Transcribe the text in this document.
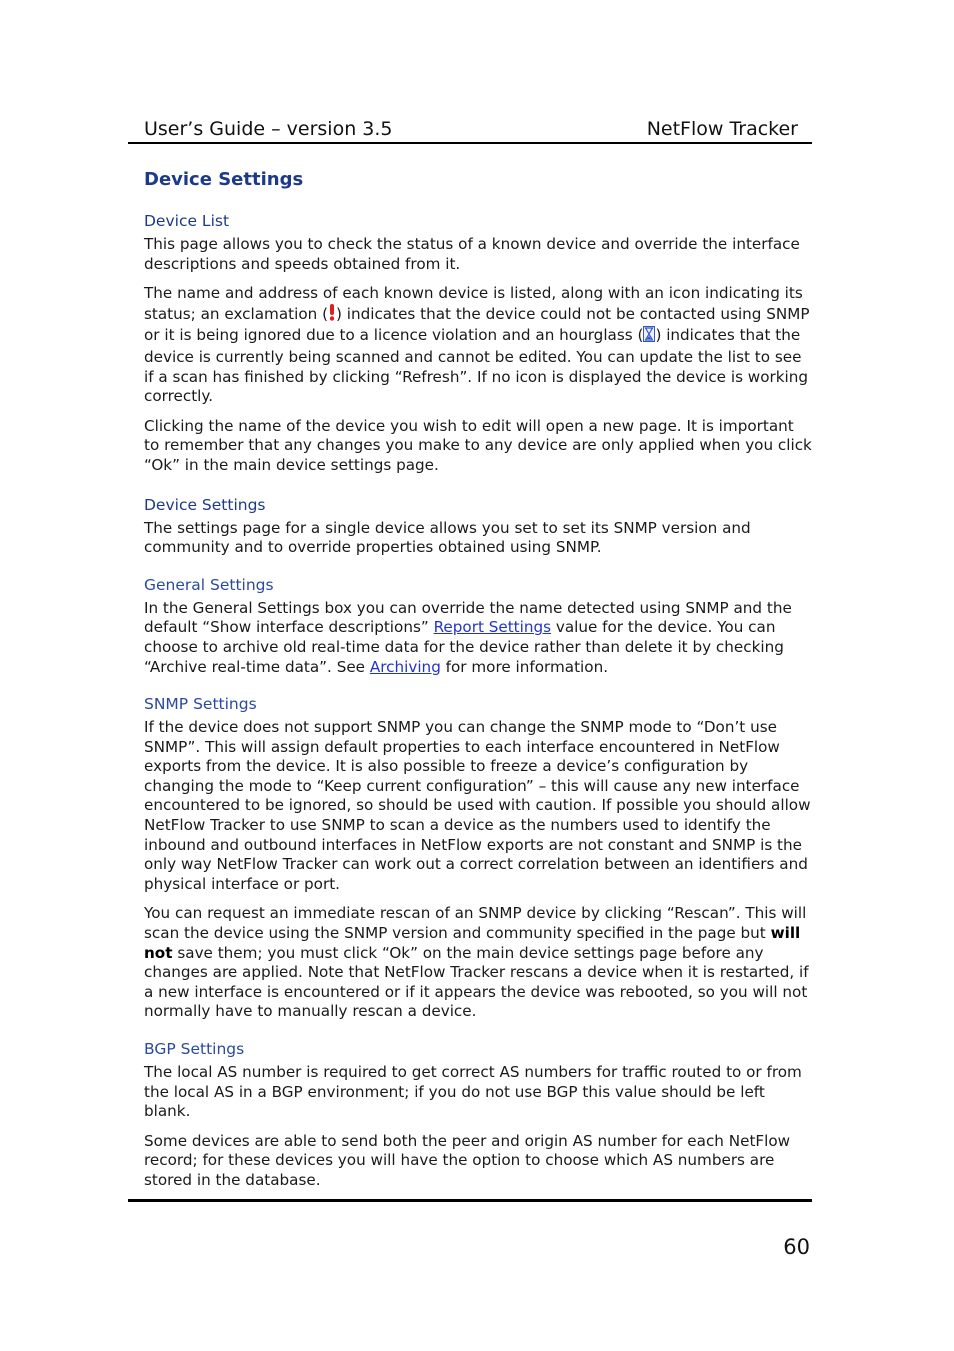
User’s Guide – version 3.5	NetFlow Tracker
Device Settings
Device List

This page allows you to check the status of a known device and override the interface descriptions and speeds obtained from it.

The name and address of each known device is listed, along with an icon indicating its status; an exclamation ( ) indicates that the device could not be contacted using SNMP or it is being ignored due to a licence violation and an hourglass ( ) indicates that the device is currently being scanned and cannot be edited. You can update the list to see if a scan has finished by clicking “Refresh”. If no icon is displayed the device is working correctly.

Clicking the name of the device you wish to edit will open a new page. It is important to remember that any changes you make to any device are only applied when you click “Ok” in the main device settings page.

Device Settings

The settings page for a single device allows you set to set its SNMP version and community and to override properties obtained using SNMP.

General Settings

In the General Settings box you can override the name detected using SNMP and the default “Show interface descriptions” Report Settings value for the device. You can choose to archive old real-time data for the device rather than delete it by checking “Archive real-time data”. See Archiving for more information.

SNMP Settings

If the device does not support SNMP you can change the SNMP mode to “Don’t use SNMP”. This will assign default properties to each interface encountered in NetFlow exports from the device. It is also possible to freeze a device’s configuration by changing the mode to “Keep current configuration” – this will cause any new interface encountered to be ignored, so should be used with caution. If possible you should allow NetFlow Tracker to use SNMP to scan a device as the numbers used to identify the inbound and outbound interfaces in NetFlow exports are not constant and SNMP is the only way NetFlow Tracker can work out a correct correlation between an identifiers and physical interface or port.

You can request an immediate rescan of an SNMP device by clicking “Rescan”. This will scan the device using the SNMP version and community specified in the page but will not save them; you must click “Ok” on the main device settings page before any changes are applied. Note that NetFlow Tracker rescans a device when it is restarted, if a new interface is encountered or if it appears the device was rebooted, so you will not normally have to manually rescan a device.

BGP Settings

The local AS number is required to get correct AS numbers for traffic routed to or from the local AS in a BGP environment; if you do not use BGP this value should be left blank.

Some devices are able to send both the peer and origin AS number for each NetFlow record; for these devices you will have the option to choose which AS numbers are stored in the database.

60
